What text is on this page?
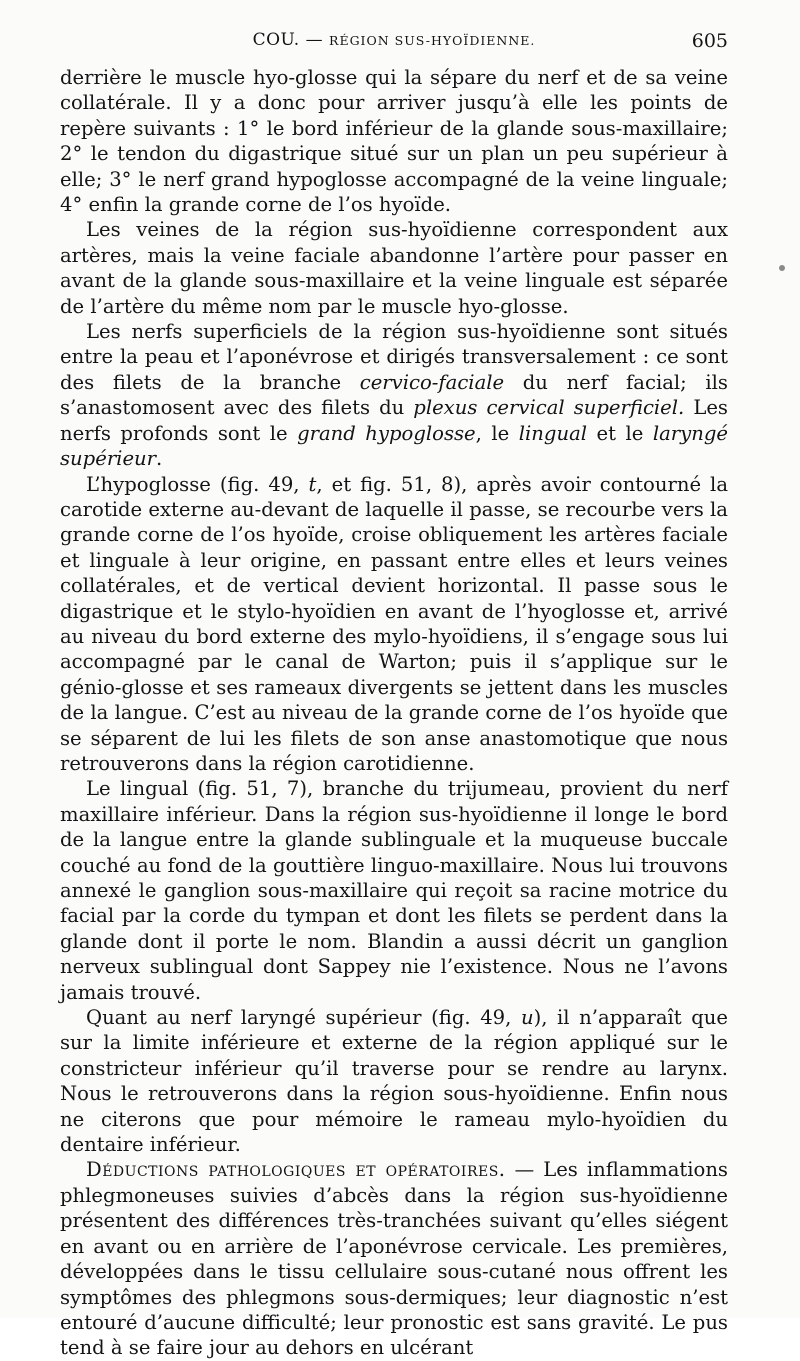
COU. — RÉGION SUS-HYOÏDIENNE.	605

derrière le muscle hyo-glosse qui la sépare du nerf et de sa veine collatérale. Il y a donc pour arriver jusqu’à elle les points de repère suivants : 1° le bord inférieur de la glande sous-maxillaire; 2° le tendon du digastrique situé sur un plan un peu supérieur à elle; 3° le nerf grand hypoglosse accompagné de la veine linguale; 4° enfin la grande corne de l’os hyoïde.

Les veines de la région sus-hyoïdienne correspondent aux artères, mais la veine faciale abandonne l’artère pour passer en avant de la glande sous-maxillaire et la veine linguale est séparée de l’artère du même nom par le muscle hyo-glosse.

Les nerfs superficiels de la région sus-hyoïdienne sont situés entre la peau et l’aponévrose et dirigés transversalement : ce sont des filets de la branche cervico-faciale du nerf facial; ils s’anastomosent avec des filets du plexus cervical superficiel. Les nerfs profonds sont le grand hypoglosse, le lingual et le laryngé supérieur.

L’hypoglosse (fig. 49, t, et fig. 51, 8), après avoir contourné la carotide externe au-devant de laquelle il passe, se recourbe vers la grande corne de l’os hyoïde, croise obliquement les artères faciale et linguale à leur origine, en passant entre elles et leurs veines collatérales, et de vertical devient horizontal. Il passe sous le digastrique et le stylo-hyoïdien en avant de l’hyoglosse et, arrivé au niveau du bord externe des mylo-hyoïdiens, il s’engage sous lui accompagné par le canal de Warton; puis il s’applique sur le génio-glosse et ses rameaux divergents se jettent dans les muscles de la langue. C’est au niveau de la grande corne de l’os hyoïde que se séparent de lui les filets de son anse anastomotique que nous retrouverons dans la région carotidienne.

Le lingual (fig. 51, 7), branche du trijumeau, provient du nerf maxillaire inférieur. Dans la région sus-hyoïdienne il longe le bord de la langue entre la glande sublinguale et la muqueuse buccale couché au fond de la gouttière linguo-maxillaire. Nous lui trouvons annexé le ganglion sous-maxillaire qui reçoit sa racine motrice du facial par la corde du tympan et dont les filets se perdent dans la glande dont il porte le nom. Blandin a aussi décrit un ganglion nerveux sublingual dont Sappey nie l’existence. Nous ne l’avons jamais trouvé.

Quant au nerf laryngé supérieur (fig. 49, u), il n’apparaît que sur la limite inférieure et externe de la région appliqué sur le constricteur inférieur qu’il traverse pour se rendre au larynx. Nous le retrouverons dans la région sous-hyoïdienne. Enfin nous ne citerons que pour mémoire le rameau mylo-hyoïdien du dentaire inférieur.

Déductions pathologiques et opératoires. — Les inflammations phlegmoneuses suivies d’abcès dans la région sus-hyoïdienne présentent des différences très-tranchées suivant qu’elles siégent en avant ou en arrière de l’aponévrose cervicale. Les premières, développées dans le tissu cellulaire sous-cutané nous offrent les symptômes des phlegmons sous-dermiques; leur diagnostic n’est entouré d’aucune difficulté; leur pronostic est sans gravité. Le pus tend à se faire jour au dehors en ulcérant
